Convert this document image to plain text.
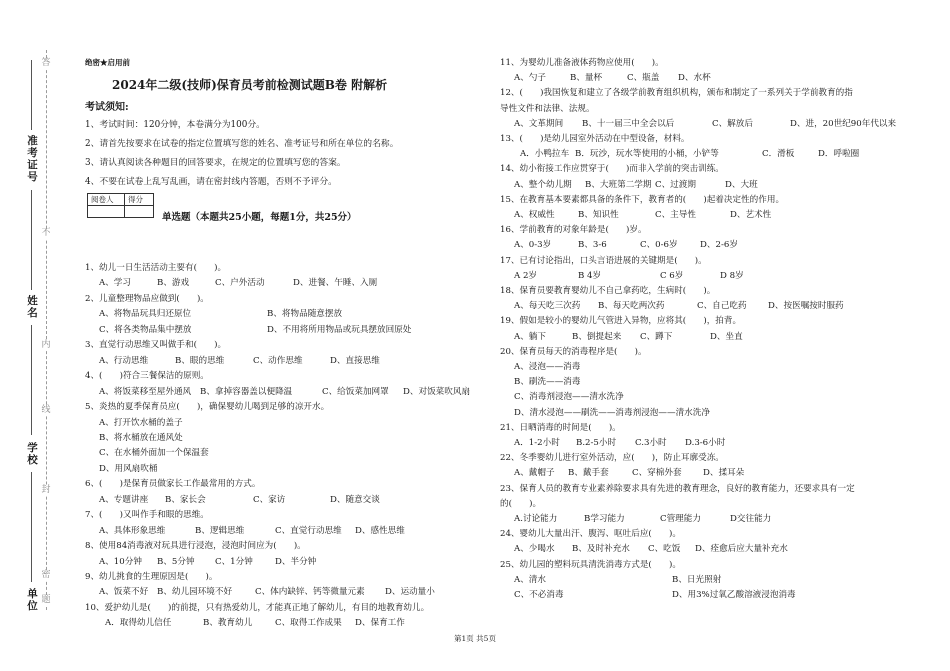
答
不
内
线
封
密
题
准考证号
姓名
学校
单位
绝密★启用前
2024年二级(技师)保育员考前检测试题B卷 附解析
考试须知:
1、考试时间：120分钟，本卷满分为100分。
2、请首先按要求在试卷的指定位置填写您的姓名、准考证号和所在单位的名称。
3、请认真阅读各种题目的回答要求，在规定的位置填写您的答案。
4、不要在试卷上乱写乱画，请在密封线内答题，否则不予评分。
阅卷人	得分

单选题（本题共25小题，每题1分，共25分）
1、幼儿一日生活活动主要有(　　)。
A、学习	B、游戏	C、户外活动	D、进餐、午睡、入厕
2、儿童整理物品应做到(　　)。
A、将物品玩具归还原位	B、将物品随意摆放
C、将各类物品集中摆放	D、不用将所用物品或玩具摆放回原处
3、直觉行动思维又叫做手和(　　)。
A、行动思维	B、眼的思维	C、动作思维	D、直接思维
4、(　　)符合三餐保洁的原则。
A、将饭菜移至屋外通风 B、拿掉容器盖以便降温	C、给饭菜加网罩 D、对饭菜吹风扇
5、炎热的夏季保育员应(　　)，确保婴幼儿喝到足够的凉开水。
A、打开饮水桶的盖子
B、将水桶放在通风处
C、在水桶外面加一个保温套
D、用风扇吹桶
6、(　　)是保育员做家长工作最常用的方式。
A、专题讲座 B、家长会	C、家访	D、随意交谈
7、(　　)又叫作手和眼的思维。
A、具体形象思维	B、逻辑思维	C、直觉行动思维 D、感性思维
8、使用84消毒液对玩具进行浸泡，浸泡时间应为(　　)。
A、10分钟 B、5分钟 C、1分钟	D、半分钟
9、幼儿挑食的生理原因是(　　)。
A、饭菜不好 B、幼儿园环境不好	C、体内缺锌、钙等微量元素 D、运动量小
10、爱护幼儿是(　　)的前提，只有热爱幼儿，才能真正地了解幼儿，有目的地教育幼儿。
A．取得幼儿信任	B、教育幼儿	C、取得工作成果 D、保育工作
11、为婴幼儿准备液体药物应使用(　　)。
A、勺子	B、量杯	C、瓶盖 D、水杯
12、(　　)我国恢复和建立了各级学前教育组织机构，颁布和制定了一系列关于学前教育的指
导性文件和法律、法规。
A、文革期间 B、十一届三中全会以后	C、解放后	D、进，20世纪90年代以来
13、(　　)是幼儿园室外活动在中型设备，材料。
A．小鸭拉车 B．玩沙，玩水等使用的小桶，小铲等	C．滑板	D．呼啦圈
14、幼小衔接工作应贯穿于(　　)而非入学前的突击训练。
A、整个幼儿期 B、大班第二学期 C、过渡期	D、大班
15、在教育基本要素都具备的条件下，教育者的(　　)起着决定性的作用。
A、权威性	B、知识性	C、主导性	D、艺术性
16、学前教育的对象年龄是(　　)岁。
A、0-3岁	B、3-6	C、0-6岁	D、2-6岁
17、已有讨论指出，口头言语进展的关键期是(　　)。
A 2岁	B 4岁	C 6岁	D 8岁
18、保育员要教育婴幼儿不自己拿药吃，生病时(　　)。
A、每天吃三次药 B、每天吃两次药	C、自己吃药 D、按医嘱按时服药
19、假如是较小的婴幼儿气管进入异物，应将其(　　)，拍背。
A、躺下	B、倒提起来 C、蹲下	D、坐直
20、保育员每天的消毒程序是(　　)。
A、浸泡——消毒
B、刷洗——消毒
C、消毒剂浸泡——清水洗净
D、清水浸泡——刷洗——消毒剂浸泡——清水洗净
21、日晒消毒的时间是(　　)。
A．1-2小时 B.2-5小时 C.3小时 D.3-6小时
22、冬季婴幼儿进行室外活动，应(　　)，防止耳廓受冻。
A、戴帽子 B、戴手套	C、穿棉外套 D、揉耳朵
23、保育人员的教育专业素养除要求具有先进的教育理念，良好的教育能力，还要求具有一定
的(　　)。
A.讨论能力	B学习能力	C管理能力	D交往能力
24、婴幼儿大量出汗、腹泻、呕吐后应(　　)。
A、少喝水 B、及时补充水 C、吃饭 D、痊愈后应大量补充水
25、幼儿园的塑料玩具清洗消毒方式是(　　)。
A、清水	B、日光照射
C、不必消毒	D、用3%过氧乙酸溶液浸泡消毒
第1页 共5页
